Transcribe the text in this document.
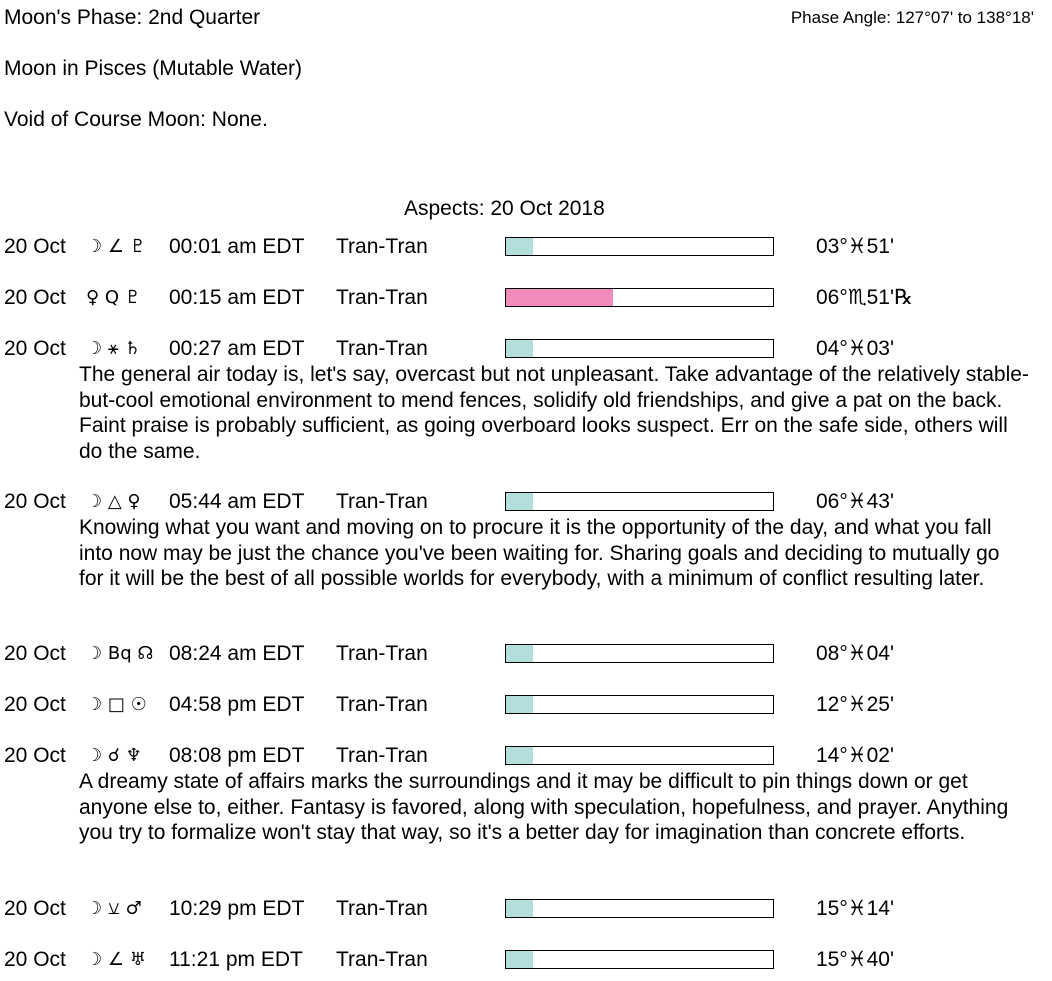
Moon's Phase: 2nd Quarter	Phase Angle: 127°07' to 138°18'
Moon in Pisces (Mutable Water)
Void of Course Moon: None.
Aspects: 20 Oct 2018
20 Oct ☽ ∠ ♇ 00:01 am EDT Tran-Tran	03°♓51'
20 Oct ♀ Q ♇ 00:15 am EDT Tran-Tran	06°♏51'℞
20 Oct ☽ ⚹ ♄ 00:27 am EDT Tran-Tran	04°♓03'
The general air today is, let's say, overcast but not unpleasant. Take advantage of the relatively stable-but-cool emotional environment to mend fences, solidify old friendships, and give a pat on the back. Faint praise is probably sufficient, as going overboard looks suspect. Err on the safe side, others will do the same.
20 Oct ☽ △ ♀ 05:44 am EDT Tran-Tran	06°♓43'
Knowing what you want and moving on to procure it is the opportunity of the day, and what you fall into now may be just the chance you've been waiting for. Sharing goals and deciding to mutually go for it will be the best of all possible worlds for everybody, with a minimum of conflict resulting later.
20 Oct ☽ Bq ☊ 08:24 am EDT Tran-Tran	08°♓04'
20 Oct ☽ □ ☉ 04:58 pm EDT Tran-Tran	12°♓25'
20 Oct ☽ ☌ ♆ 08:08 pm EDT Tran-Tran	14°♓02'
A dreamy state of affairs marks the surroundings and it may be difficult to pin things down or get anyone else to, either. Fantasy is favored, along with speculation, hopefulness, and prayer. Anything you try to formalize won't stay that way, so it's a better day for imagination than concrete efforts.
20 Oct ☽ ⚺ ♂ 10:29 pm EDT Tran-Tran	15°♓14'
20 Oct ☽ ∠ ♅ 11:21 pm EDT Tran-Tran	15°♓40'
